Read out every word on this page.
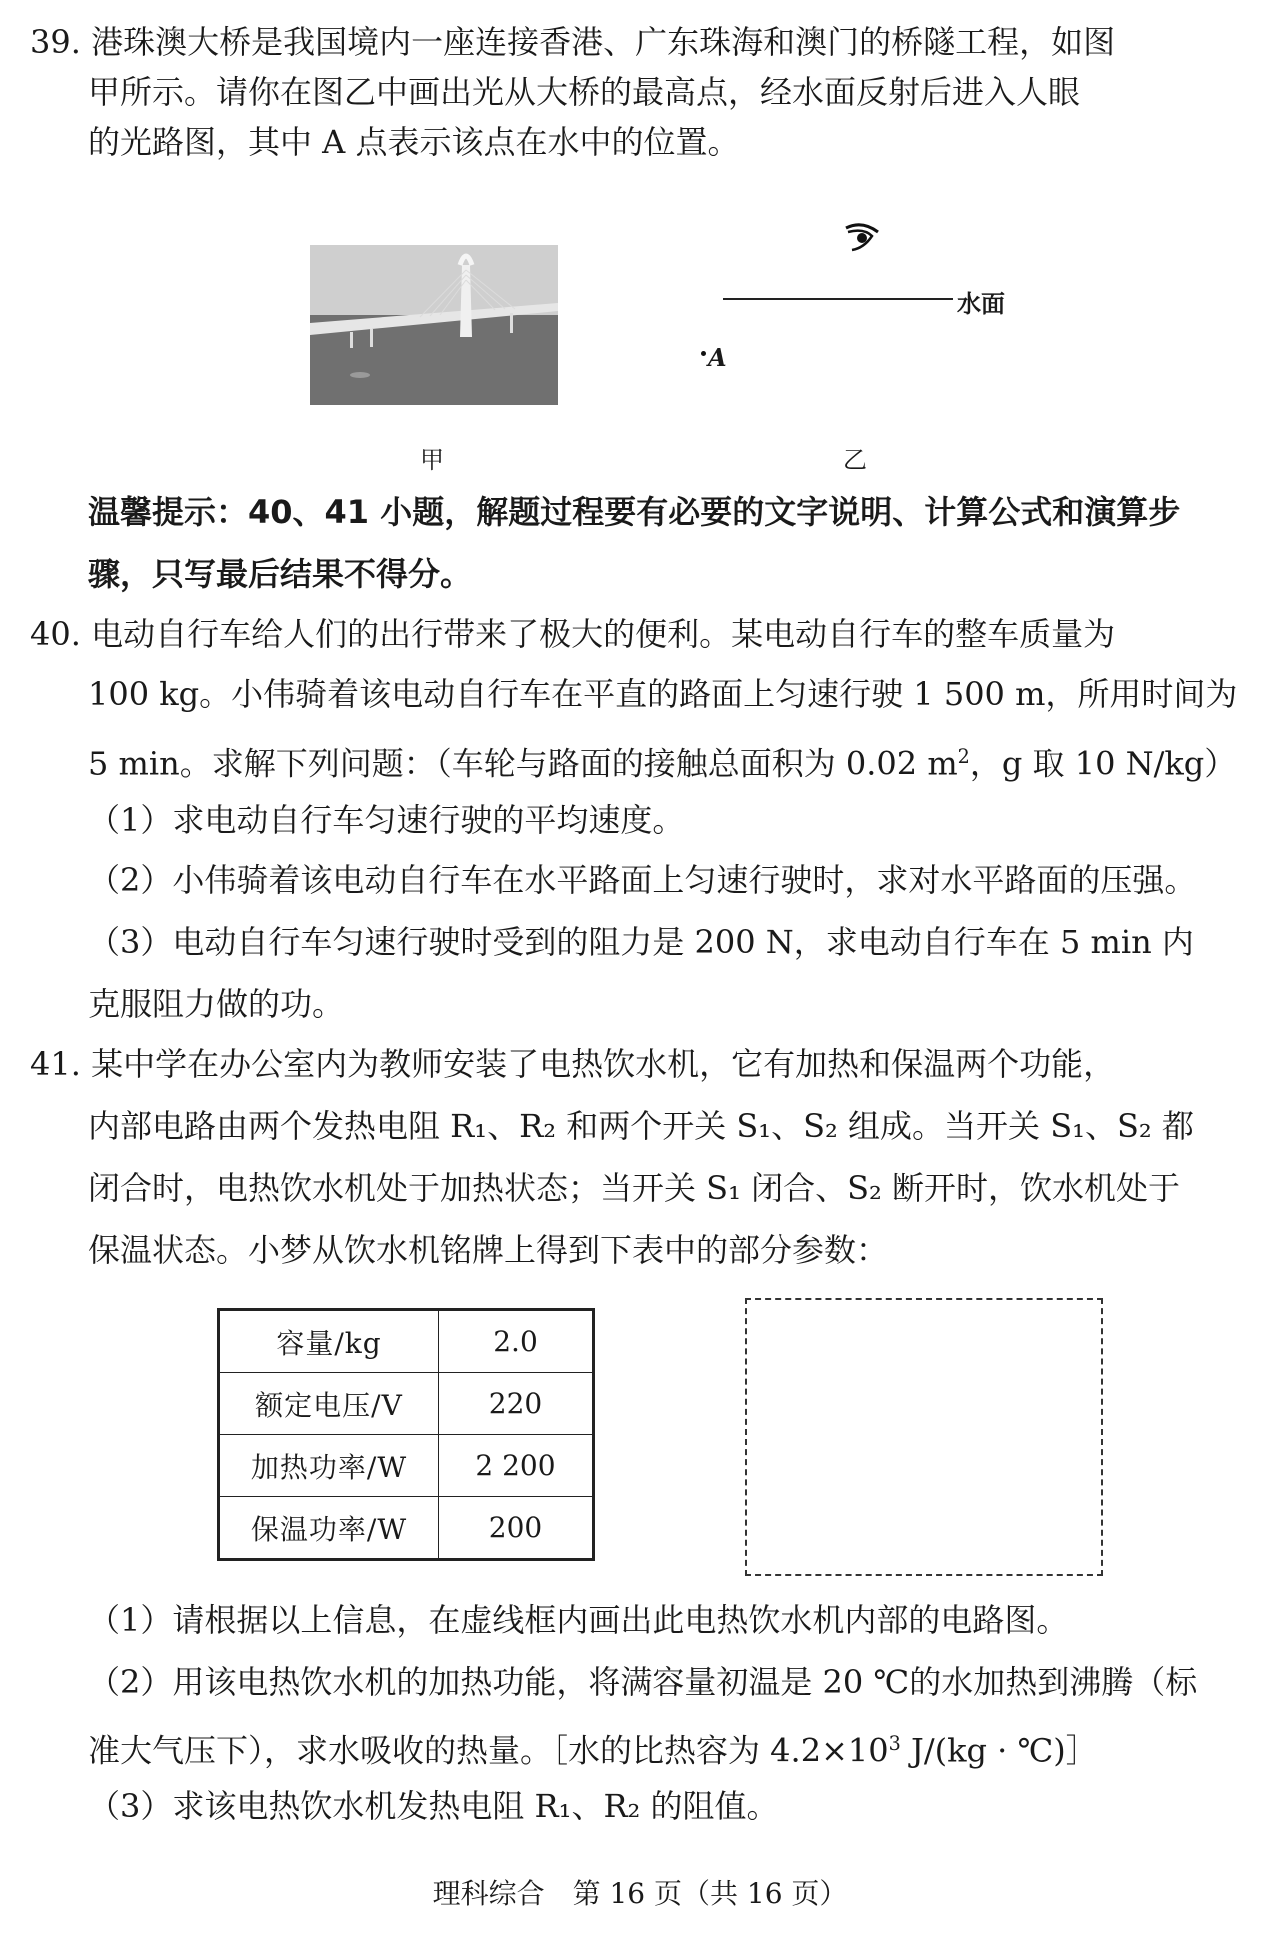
39. 港珠澳大桥是我国境内一座连接香港、广东珠海和澳门的桥隧工程，如图
甲所示。请你在图乙中画出光从大桥的最高点，经水面反射后进入人眼
的光路图，其中 A 点表示该点在水中的位置。
甲
水面
A
乙
温馨提示：40、41 小题，解题过程要有必要的文字说明、计算公式和演算步
骤，只写最后结果不得分。
40. 电动自行车给人们的出行带来了极大的便利。某电动自行车的整车质量为
100 kg。小伟骑着该电动自行车在平直的路面上匀速行驶 1 500 m，所用时间为
5 min。求解下列问题：（车轮与路面的接触总面积为 0.02 $m^2$，g 取 10 N/kg）
（1）求电动自行车匀速行驶的平均速度。
（2）小伟骑着该电动自行车在水平路面上匀速行驶时，求对水平路面的压强。
（3）电动自行车匀速行驶时受到的阻力是 200 N，求电动自行车在 5 min 内
克服阻力做的功。
41. 某中学在办公室内为教师安装了电热饮水机，它有加热和保温两个功能，
内部电路由两个发热电阻 R₁、R₂ 和两个开关 S₁、S₂ 组成。当开关 S₁、S₂ 都
闭合时，电热饮水机处于加热状态；当开关 S₁ 闭合、S₂ 断开时，饮水机处于
保温状态。小梦从饮水机铭牌上得到下表中的部分参数：
容量/kg	2.0
额定电压/V	220
加热功率/W	2 200
保温功率/W	200
（1）请根据以上信息，在虚线框内画出此电热饮水机内部的电路图。
（2）用该电热饮水机的加热功能，将满容量初温是 20 ℃的水加热到沸腾（标
准大气压下），求水吸收的热量。［水的比热容为 $4.2\times 10^3$ J/(kg · ℃)］
（3）求该电热饮水机发热电阻 R₁、R₂ 的阻值。
理科综合　第 16 页（共 16 页）
